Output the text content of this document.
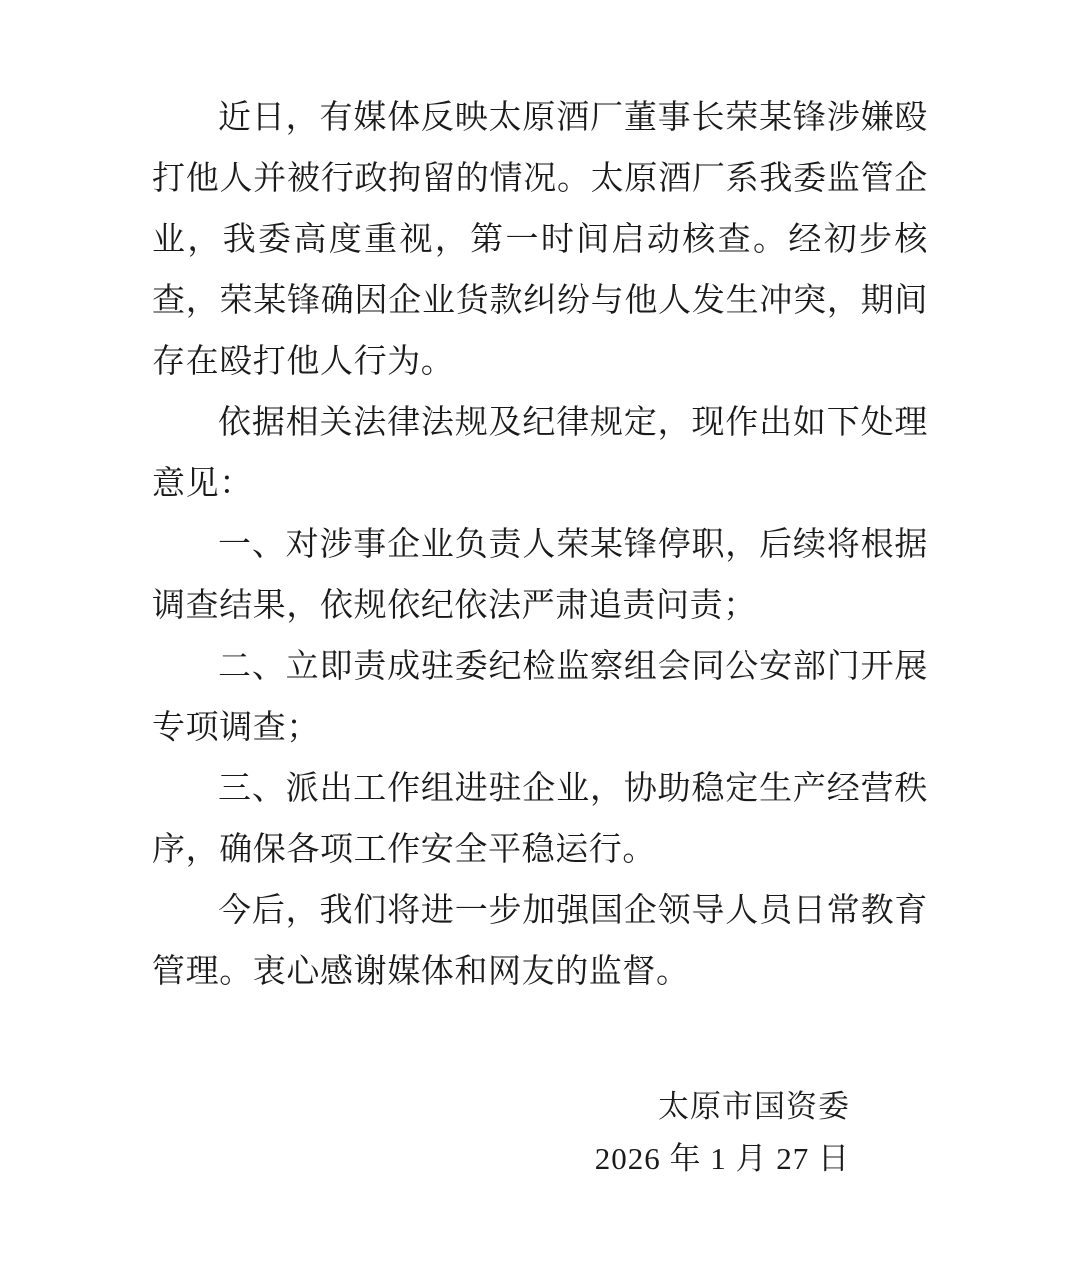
近日，有媒体反映太原酒厂董事长荣某锋涉嫌殴打他人并被行政拘留的情况。太原酒厂系我委监管企业，我委高度重视，第一时间启动核查。经初步核查，荣某锋确因企业货款纠纷与他人发生冲突，期间存在殴打他人行为。

依据相关法律法规及纪律规定，现作出如下处理意见：

一、对涉事企业负责人荣某锋停职，后续将根据调查结果，依规依纪依法严肃追责问责；

二、立即责成驻委纪检监察组会同公安部门开展专项调查；

三、派出工作组进驻企业，协助稳定生产经营秩序，确保各项工作安全平稳运行。

今后，我们将进一步加强国企领导人员日常教育管理。衷心感谢媒体和网友的监督。

太原市国资委
2026 年 1 月 27 日
